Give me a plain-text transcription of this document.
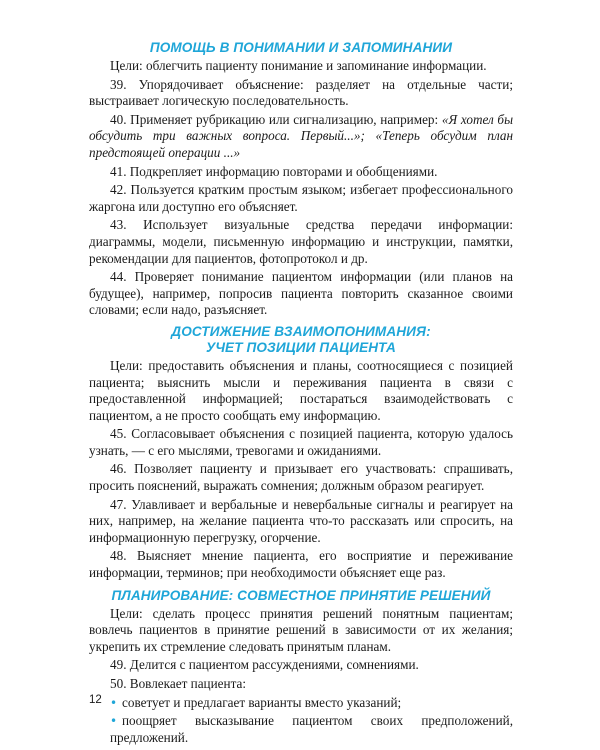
ПОМОЩЬ В ПОНИМАНИИ И ЗАПОМИНАНИИ

Цели: облегчить пациенту понимание и запоминание информации.

39. Упорядочивает объяснение: разделяет на отдельные части; выстраивает логическую последовательность.

40. Применяет рубрикацию или сигнализацию, например: «Я хотел бы обсудить три важных вопроса. Первый...»; «Теперь обсудим план предстоящей операции ...»

41. Подкрепляет информацию повторами и обобщениями.

42. Пользуется кратким простым языком; избегает профессионального жаргона или доступно его объясняет.

43. Использует визуальные средства передачи информации: диаграммы, модели, письменную информацию и инструкции, памятки, рекомендации для пациентов, фотопротокол и др.

44. Проверяет понимание пациентом информации (или планов на будущее), например, попросив пациента повторить сказанное своими словами; если надо, разъясняет.

ДОСТИЖЕНИЕ ВЗАИМОПОНИМАНИЯ:
УЧЕТ ПОЗИЦИИ ПАЦИЕНТА

Цели: предоставить объяснения и планы, соотносящиеся с позицией пациента; выяснить мысли и переживания пациента в связи с предоставленной информацией; постараться взаимодействовать с пациентом, а не просто сообщать ему информацию.

45. Согласовывает объяснения с позицией пациента, которую удалось узнать, — с его мыслями, тревогами и ожиданиями.

46. Позволяет пациенту и призывает его участвовать: спрашивать, просить пояснений, выражать сомнения; должным образом реагирует.

47. Улавливает и вербальные и невербальные сигналы и реагирует на них, например, на желание пациента что-то рассказать или спросить, на информационную перегрузку, огорчение.

48. Выясняет мнение пациента, его восприятие и переживание информации, терминов; при необходимости объясняет еще раз.

ПЛАНИРОВАНИЕ: СОВМЕСТНОЕ ПРИНЯТИЕ РЕШЕНИЙ

Цели: сделать процесс принятия решений понятным пациентам; вовлечь пациентов в принятие решений в зависимости от их желания; укрепить их стремление следовать принятым планам.

49. Делится с пациентом рассуждениями, сомнениями.

50. Вовлекает пациента:

• советует и предлагает варианты вместо указаний;
• поощряет высказывание пациентом своих предположений, предложений.
12
